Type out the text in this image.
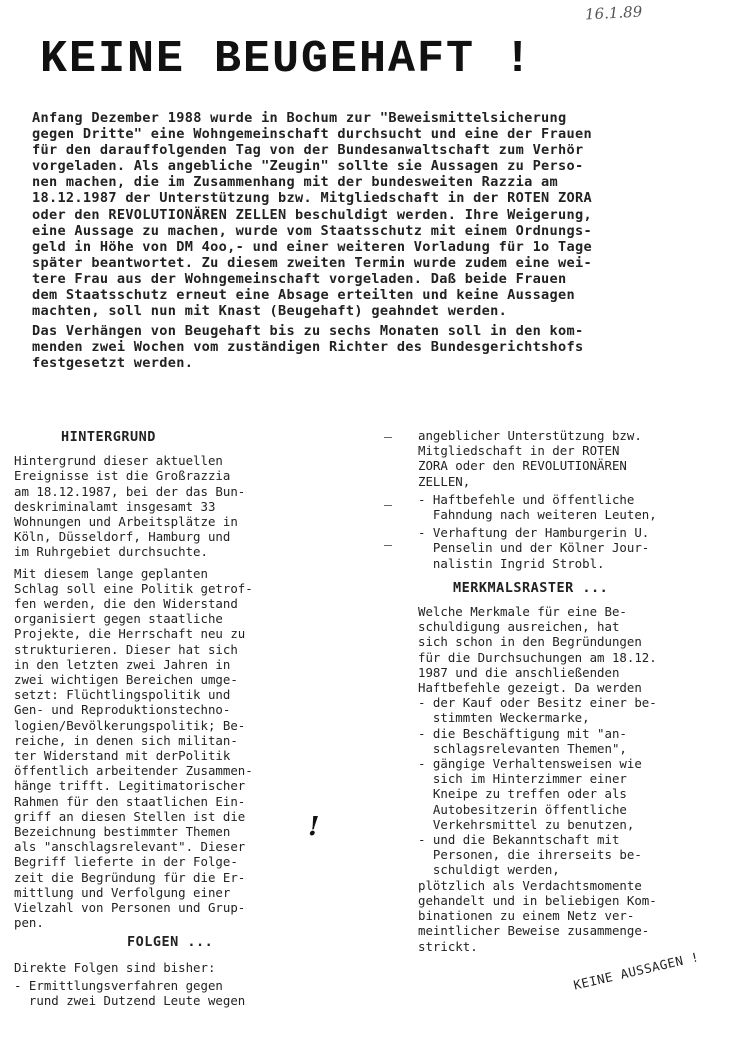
16.1.89
KEINE BEUGEHAFT !

Anfang Dezember 1988 wurde in Bochum zur "Beweismittelsicherung
gegen Dritte" eine Wohngemeinschaft durchsucht und eine der Frauen
für den darauffolgenden Tag von der Bundesanwaltschaft zum Verhör
vorgeladen. Als angebliche "Zeugin" sollte sie Aussagen zu Perso-
nen machen, die im Zusammenhang mit der bundesweiten Razzia am
18.12.1987 der Unterstützung bzw. Mitgliedschaft in der ROTEN ZORA
oder den REVOLUTIONÄREN ZELLEN beschuldigt werden. Ihre Weigerung,
eine Aussage zu machen, wurde vom Staatsschutz mit einem Ordnungs-
geld in Höhe von DM 4oo,- und einer weiteren Vorladung für 1o Tage
später beantwortet. Zu diesem zweiten Termin wurde zudem eine wei-
tere Frau aus der Wohngemeinschaft vorgeladen. Daß beide Frauen
dem Staatsschutz erneut eine Absage erteilten und keine Aussagen
machten, soll nun mit Knast (Beugehaft) geahndet werden.

Das Verhängen von Beugehaft bis zu sechs Monaten soll in den kom-
menden zwei Wochen vom zuständigen Richter des Bundesgerichtshofs
festgesetzt werden.

HINTERGRUND
Hintergrund dieser aktuellen
Ereignisse ist die Großrazzia
am 18.12.1987, bei der das Bun-
deskriminalamt insgesamt 33
Wohnungen und Arbeitsplätze in
Köln, Düsseldorf, Hamburg und
im Ruhrgebiet durchsuchte.
Mit diesem lange geplanten
Schlag soll eine Politik getrof-
fen werden, die den Widerstand
organisiert gegen staatliche
Projekte, die Herrschaft neu zu
strukturieren. Dieser hat sich
in den letzten zwei Jahren in
zwei wichtigen Bereichen umge-
setzt: Flüchtlingspolitik und
Gen- und Reproduktionstechno-
logien/Bevölkerungspolitik; Be-
reiche, in denen sich militan-
ter Widerstand mit derPolitik
öffentlich arbeitender Zusammen-
hänge trifft. Legitimatorischer
Rahmen für den staatlichen Ein-
griff an diesen Stellen ist die
Bezeichnung bestimmter Themen
als "anschlagsrelevant". Dieser
Begriff lieferte in der Folge-
zeit die Begründung für die Er-
mittlung und Verfolgung einer
Vielzahl von Personen und Grup-
pen.
FOLGEN ...
Direkte Folgen sind bisher:
- Ermittlungsverfahren gegen
rund zwei Dutzend Leute wegen
angeblicher Unterstützung bzw.
Mitgliedschaft in der ROTEN
ZORA oder den REVOLUTIONÄREN
ZELLEN,
- Haftbefehle und öffentliche
Fahndung nach weiteren Leuten,
- Verhaftung der Hamburgerin U.
Penselin und der Kölner Jour-
nalistin Ingrid Strobl.
MERKMALSRASTER ...
Welche Merkmale für eine Be-
schuldigung ausreichen, hat
sich schon in den Begründungen
für die Durchsuchungen am 18.12.
1987 und die anschließenden
Haftbefehle gezeigt. Da werden
- der Kauf oder Besitz einer be-
stimmten Weckermarke,
- die Beschäftigung mit "an-
schlagsrelevanten Themen",
- gängige Verhaltensweisen wie
sich im Hinterzimmer einer
Kneipe zu treffen oder als
Autobesitzerin öffentliche
Verkehrsmittel zu benutzen,
- und die Bekanntschaft mit
Personen, die ihrerseits be-
schuldigt werden,
plötzlich als Verdachtsmomente
gehandelt und in beliebigen Kom-
binationen zu einem Netz ver-
meintlicher Beweise zusammenge-
strickt.
!
KEINE AUSSAGEN !
